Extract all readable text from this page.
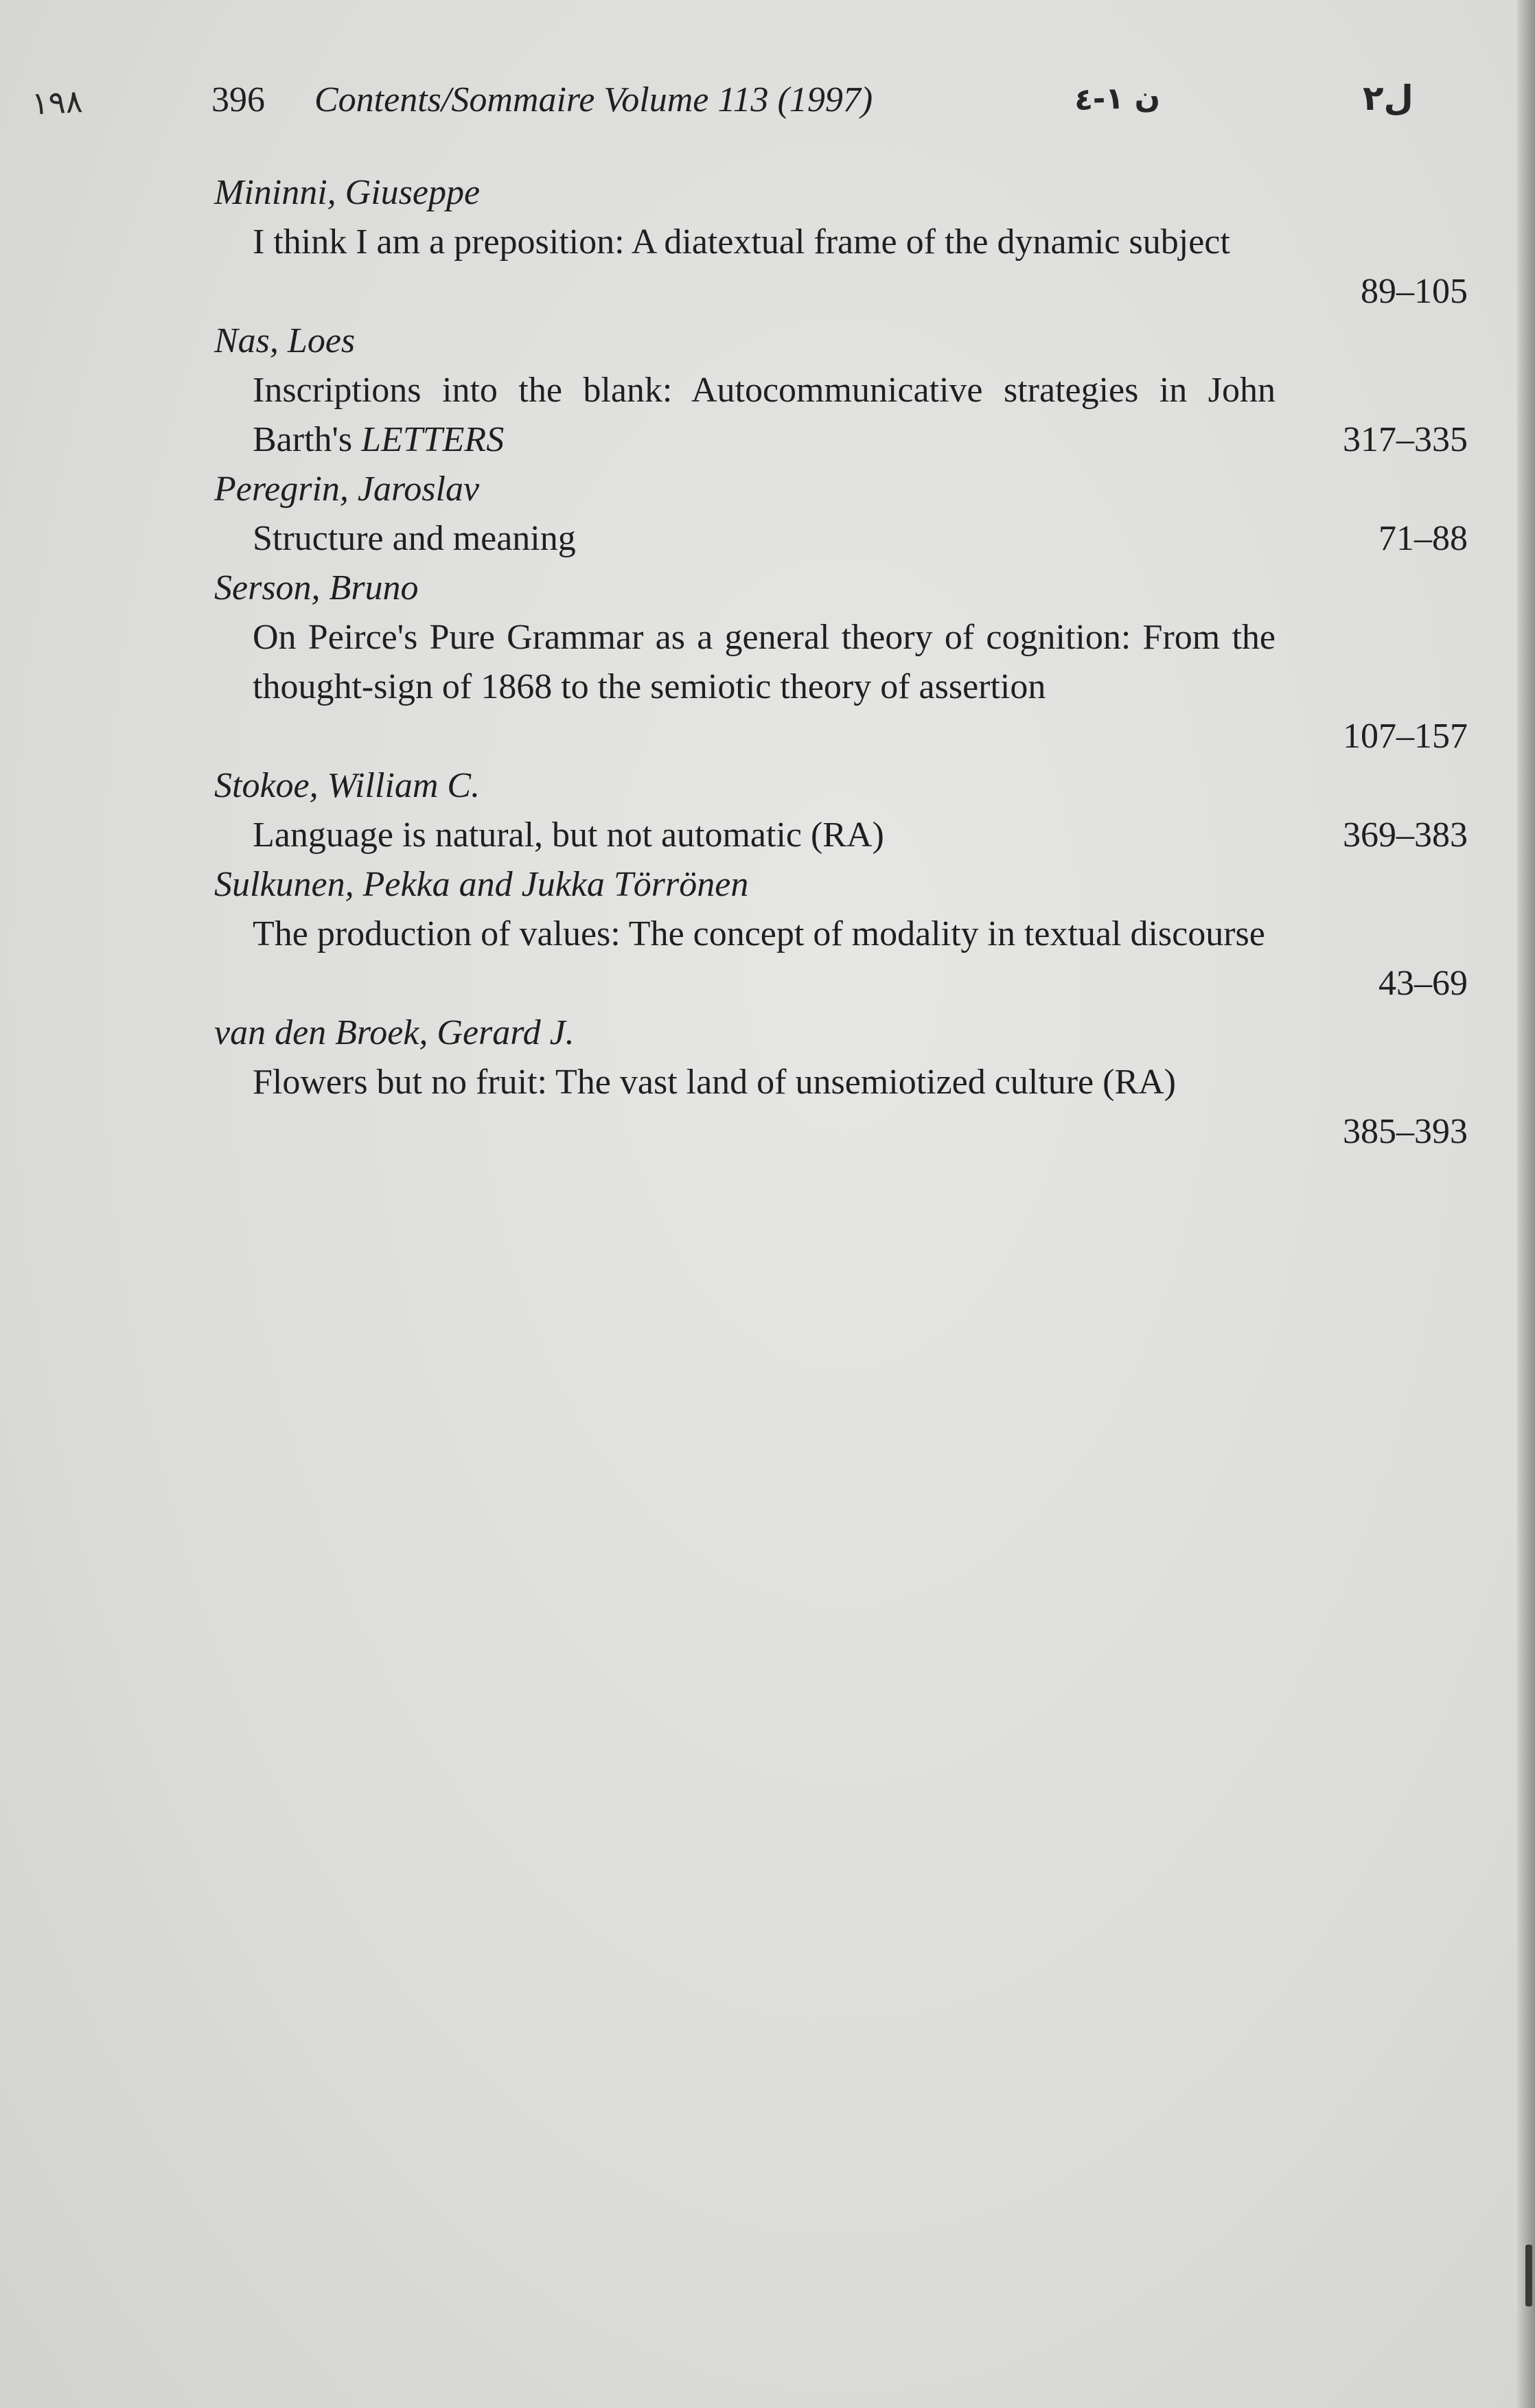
١٩٨	396 Contents/Sommaire Volume 113 (1997)	ن ١-٤	ل٢
Mininni, Giuseppe
I think I am a preposition: A diatextual frame of the dynamic subject
89–105
Nas, Loes
Inscriptions into the blank: Autocommunicative strategies in John Barth's LETTERS	317–335
Peregrin, Jaroslav
Structure and meaning	71–88
Serson, Bruno
On Peirce's Pure Grammar as a general theory of cognition: From the thought-sign of 1868 to the semiotic theory of assertion
107–157
Stokoe, William C.
Language is natural, but not automatic (RA)	369–383
Sulkunen, Pekka and Jukka Törrönen
The production of values: The concept of modality in textual discourse
43–69
van den Broek, Gerard J.
Flowers but no fruit: The vast land of unsemiotized culture (RA)
385–393
